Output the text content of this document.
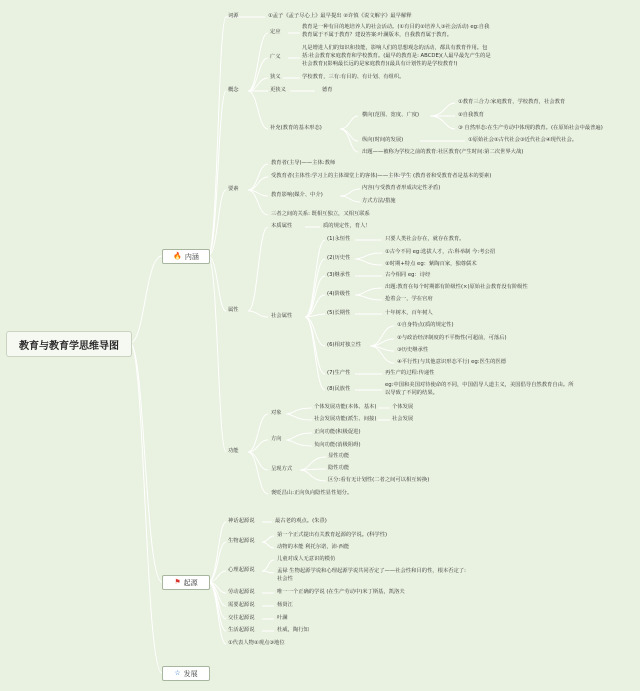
教育与教育学思维导图
🔥 内涵
⚑ 起源
☆ 发展
词源	①孟子《孟子尽心上》最早提出 ②许慎《说文解字》最早解释
概念
定应
教育是一种有目的地培养人的社会活动。(①有目的②培养人③社会活动) eg:自我
教育属于不属于教育？建设答案:叶澜版本，自我教育属于教育。
广义
凡是增进人们的知识和技能，影响人们的思想观念的活动，都具有教育作用。包
括:社会教育家庭教育和学校教育。(最早的教育是: ABCDE)(人最早最先产生的是
社会教育)(影响最长远的是家庭教育)(最具有计划性的是学校教育!)
狭义	学校教育，三有:有目的、有计划、有组织。
更狭义	德育
补充(教育的基本形态)
横向(范围、宽度、广度)
①教育三合力:家庭教育，学校教育，社会教育
②自我教育
③ 自然形态:在生产劳动中体现的教育。(在原始社会中最普遍)
纵向(时间的发展)	①原始社会②古代社会③近代社会④现代社会。
出题——被称为学校之前的教育:社区教育(产生时间:第二次世界大战)
要素
教育者(主导)——主体:教师
受教育者(主体性:学习上的主体课堂上的客体)——主体:学生 (教育者和受教育者是基本的要素)
教育影响(媒介、中介)
内容(与受教育者形成决定性矛盾)
方式方法/措施
三者之间的关系: 既相互独立，又相互联系
属性
本质属性	质的规定性，育人！
社会属性
(1)永恒性	只要人类社会存在，就存在教育。
(2)历史性
①古今不同 eg:选拔人才，古:科举制 今:考公招
②时期+特点 eg：紫陶百家，独尊儒术
(3)继承性	古今相同 eg：诗经
(4)阶级性
出题:教育在每个时期都有阶级性(×)原始社会教育没有阶级性
抢着会一，学在官府
(5)长期性	十年树木，百年树人
(6)相对独立性
①自身特点(质的规定性)
②与政治经济制度的不平衡性(可超前，可落后)
③历史继承性
④平行性(与其他意识形态平行) eg:医生的医德
(7)生产性	再生产的过程:传递性
(8)民族性
eg:中国和美国对待使命的不同，中国倡导人道主义，美国倡导自然教育自由。所
以导致了不同的结果。
功能
对象
个体发展功能(本体、基本)	个体发展
社会发展功能(派生、间接)	社会发展
方向
正向功能(积极促进)
负向功能(消极阻碍)
呈现方式
显性功能
隐性功能
区分:看有无计划性(二者之间可以相互转换)
褒贬昌山:正向负向隐性显性划分。
神话起源说	最古老的观点。(朱熹)
生物起源说
第一个正式提出有关教育起源的学说。(科学性)
动物的本能 利托尔诺，沛·西能
心理起源说
儿童对成人无意识的模仿
孟禄 生物起源学说和心理起源学说共同否定了——社会性和目的性，根本否定了:
社会性
劳动起源说	唯一一个正确的学说 (在生产劳动中)米丁斯基，凯洛夫
需要起源说	杨贤江
交往起源说	叶澜
生活起源说	杜威，陶行知
①代表人物②观点③地位
